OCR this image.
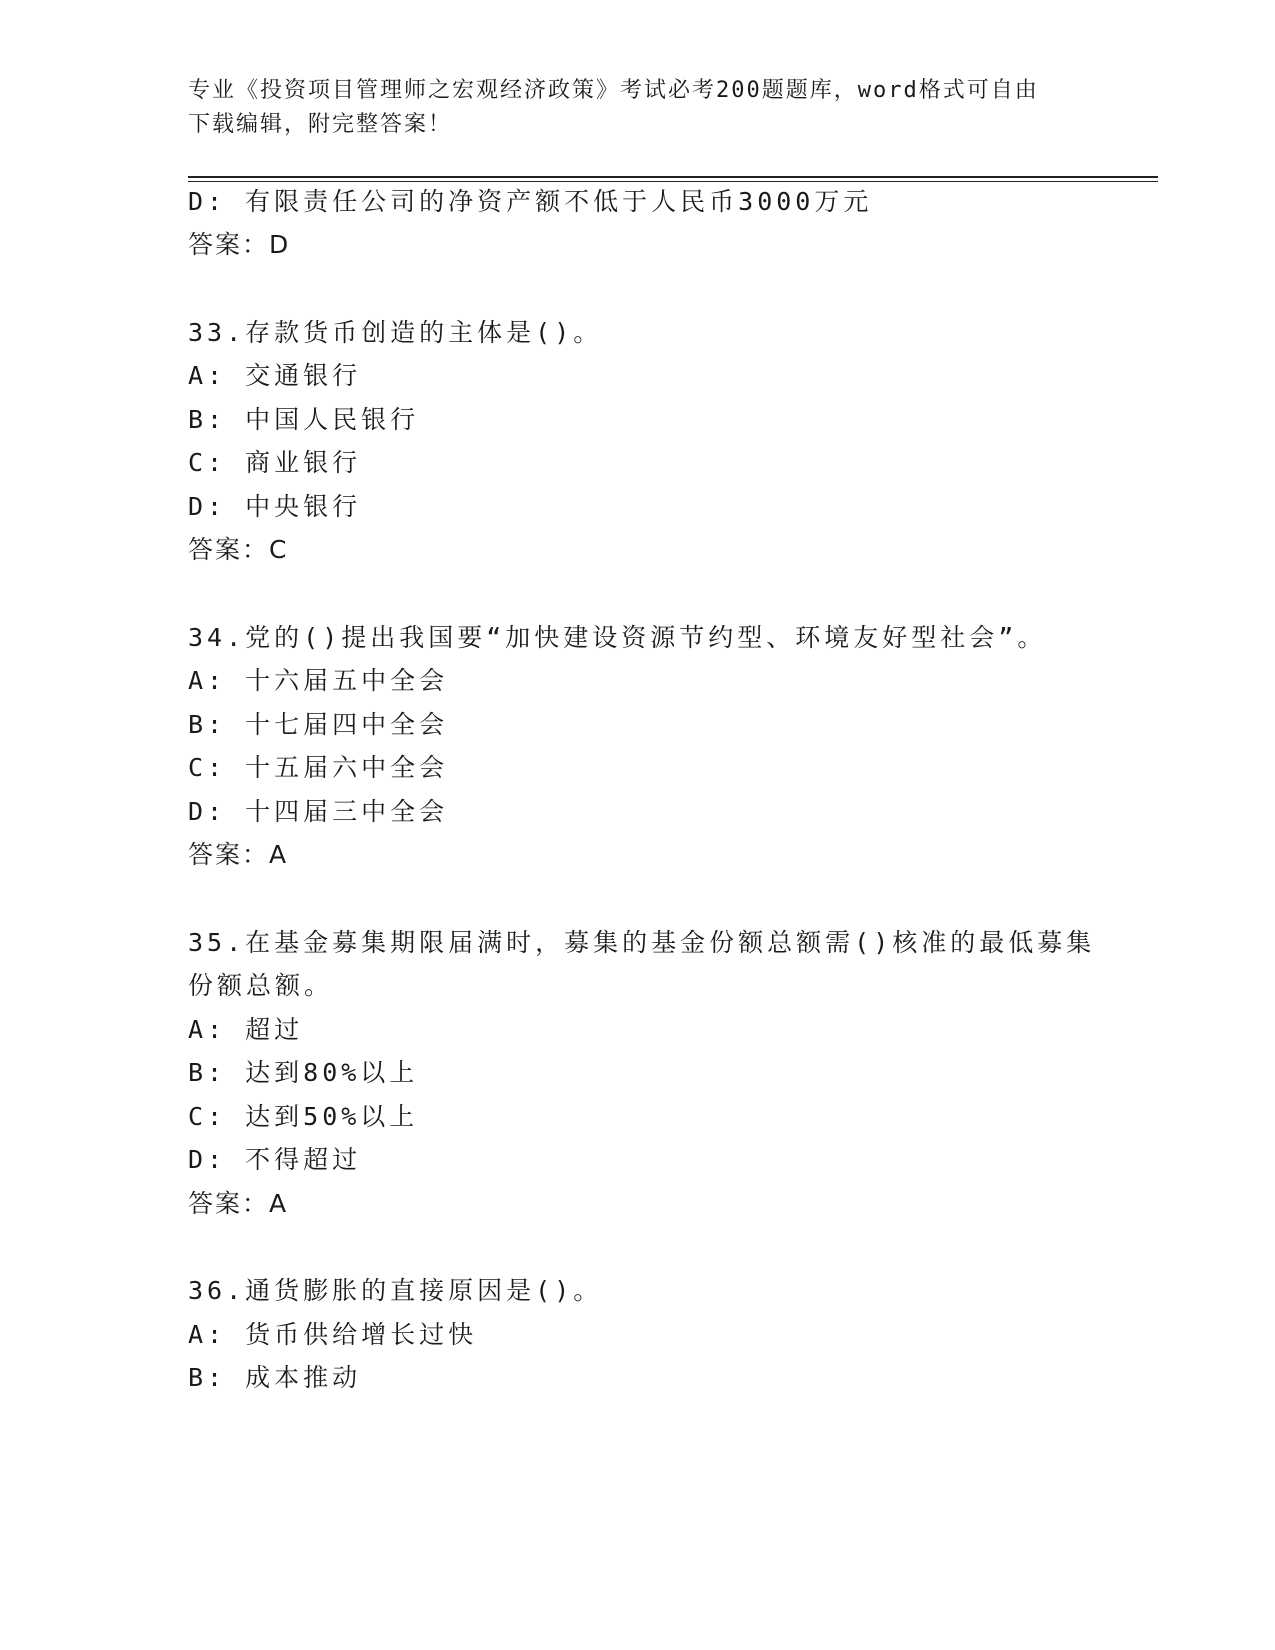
专业《投资项目管理师之宏观经济政策》考试必考200题题库，word格式可自由
下载编辑，附完整答案！
D: 有限责任公司的净资产额不低于人民币3000万元
答案：D
33.存款货币创造的主体是()。
A: 交通银行
B: 中国人民银行
C: 商业银行
D: 中央银行
答案：C
34.党的()提出我国要“加快建设资源节约型、环境友好型社会”。
A: 十六届五中全会
B: 十七届四中全会
C: 十五届六中全会
D: 十四届三中全会
答案：A
35.在基金募集期限届满时，募集的基金份额总额需()核准的最低募集
份额总额。
A: 超过
B: 达到80%以上
C: 达到50%以上
D: 不得超过
答案：A
36.通货膨胀的直接原因是()。
A: 货币供给增长过快
B: 成本推动
